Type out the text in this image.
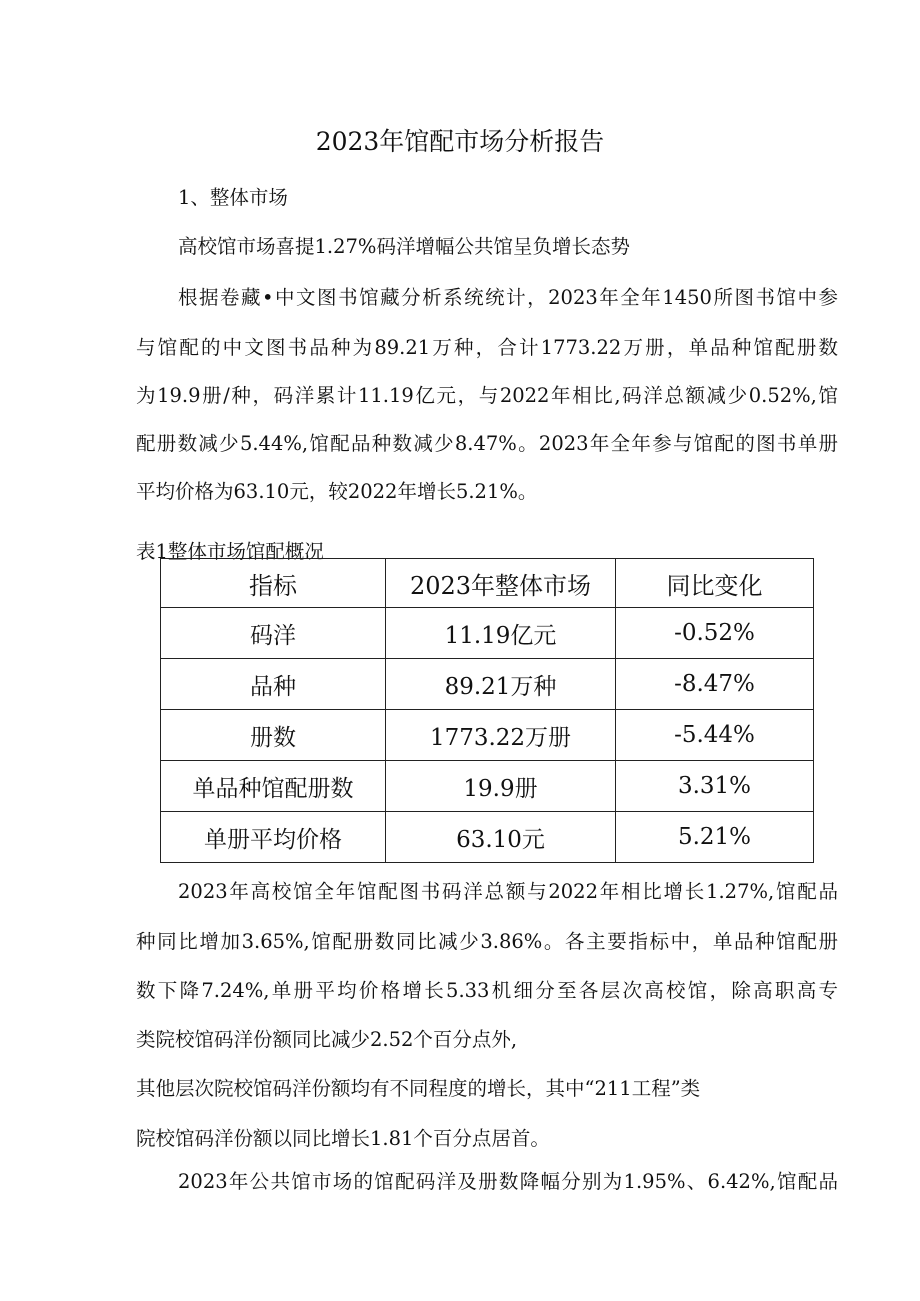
2023年馆配市场分析报告
1、整体市场
高校馆市场喜提1.27%码洋增幅公共馆呈负增长态势
根据卷藏•中文图书馆藏分析系统统计，2023年全年1450所图书馆中参
与馆配的中文图书品种为89.21万种，合计1773.22万册，单品种馆配册数
为19.9册/种，码洋累计11.19亿元，与2022年相比,码洋总额减少0.52%,馆
配册数减少5.44%,馆配品种数减少8.47%。2023年全年参与馆配的图书单册
平均价格为63.10元，较2022年增长5.21%。
表1整体市场馆配概况
指标	2023年整体市场	同比变化
码洋	11.19亿元	-0.52%
品种	89.21万种	-8.47%
册数	1773.22万册	-5.44%
单品种馆配册数	19.9册	3.31%
单册平均价格	63.10元	5.21%
2023年高校馆全年馆配图书码洋总额与2022年相比增长1.27%,馆配品
种同比增加3.65%,馆配册数同比减少3.86%。各主要指标中，单品种馆配册
数下降7.24%,单册平均价格增长5.33机细分至各层次高校馆，除高职高专
类院校馆码洋份额同比减少2.52个百分点外,
其他层次院校馆码洋份额均有不同程度的增长，其中“211工程”类
院校馆码洋份额以同比增长1.81个百分点居首。
2023年公共馆市场的馆配码洋及册数降幅分别为1.95%、6.42%,馆配品
